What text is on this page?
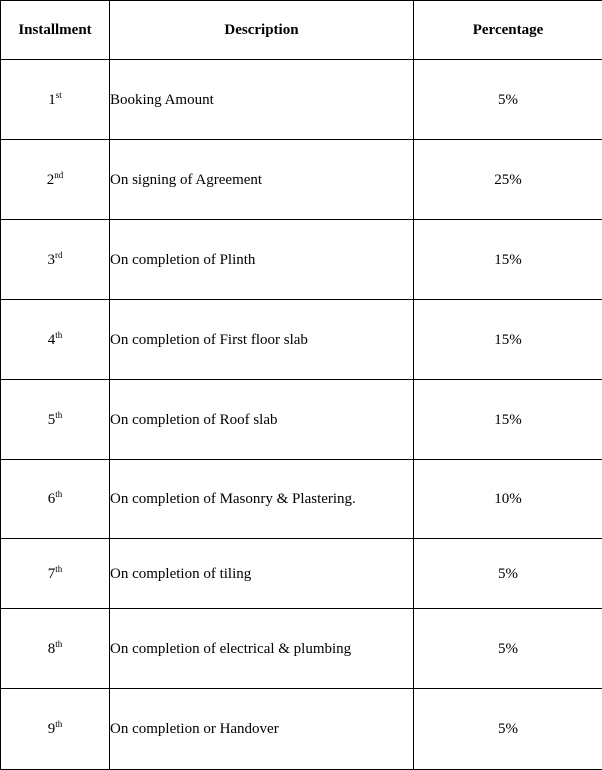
Installment	Description	Percentage
1st	Booking Amount	5%
2nd	On signing of Agreement	25%
3rd	On completion of Plinth	15%
4th	On completion of First floor slab	15%
5th	On completion of Roof slab	15%
6th	On completion of Masonry & Plastering.	10%
7th	On completion of tiling	5%
8th	On completion of electrical & plumbing	5%
9th	On completion or Handover	5%
